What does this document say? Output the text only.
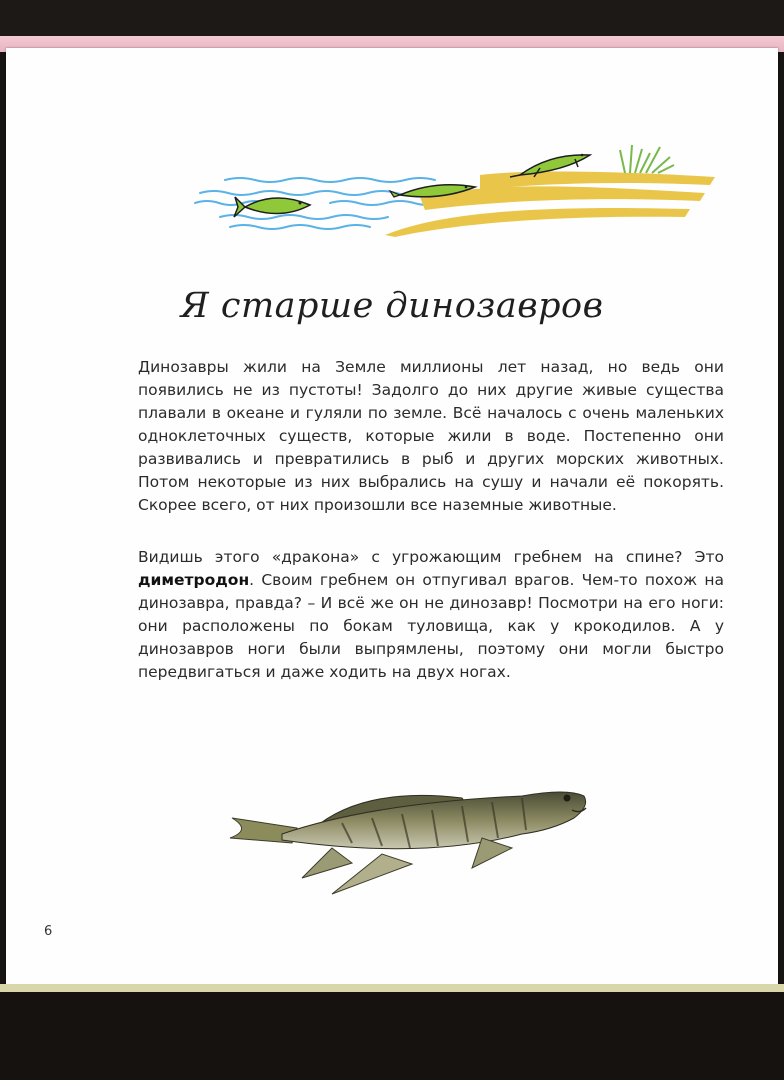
Я старше динозавров

Динозавры жили на Земле миллионы лет назад, но ведь они появились не из пустоты! Задолго до них другие живые существа плавали в океане и гуляли по земле. Всё началось с очень маленьких одноклеточных существ, которые жили в воде. Постепенно они развивались и превратились в рыб и других морских животных. Потом некоторые из них выбрались на сушу и начали её покорять. Скорее всего, от них произошли все наземные животные.

Видишь этого «дракона» с угрожающим гребнем на спине? Это диметродон. Своим гребнем он отпугивал врагов. Чем-то похож на динозавра, правда? – И всё же он не динозавр! Посмотри на его ноги: они расположены по бокам туловища, как у крокодилов. А у динозавров ноги были выпрямлены, поэтому они могли быстро передвигаться и даже ходить на двух ногах.

6
